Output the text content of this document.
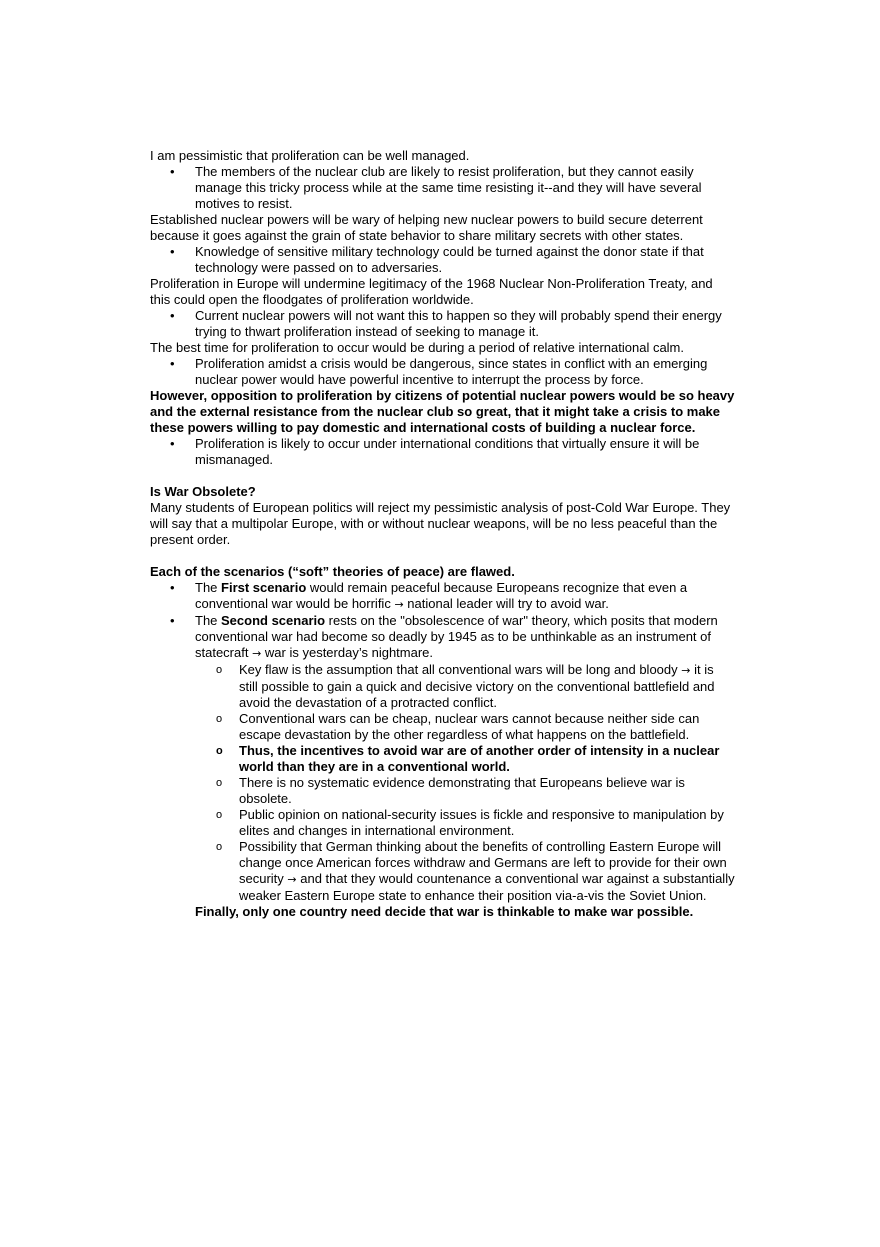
I am pessimistic that proliferation can be well managed.

• The members of the nuclear club are likely to resist proliferation, but they cannot easily manage this tricky process while at the same time resisting it--and they will have several motives to resist.

Established nuclear powers will be wary of helping new nuclear powers to build secure deterrent because it goes against the grain of state behavior to share military secrets with other states.

• Knowledge of sensitive military technology could be turned against the donor state if that technology were passed on to adversaries.

Proliferation in Europe will undermine legitimacy of the 1968 Nuclear Non-Proliferation Treaty, and this could open the floodgates of proliferation worldwide.

• Current nuclear powers will not want this to happen so they will probably spend their energy trying to thwart proliferation instead of seeking to manage it.

The best time for proliferation to occur would be during a period of relative international calm.

• Proliferation amidst a crisis would be dangerous, since states in conflict with an emerging nuclear power would have powerful incentive to interrupt the process by force.

However, opposition to proliferation by citizens of potential nuclear powers would be so heavy and the external resistance from the nuclear club so great, that it might take a crisis to make these powers willing to pay domestic and international costs of building a nuclear force.

• Proliferation is likely to occur under international conditions that virtually ensure it will be mismanaged.

Is War Obsolete?

Many students of European politics will reject my pessimistic analysis of post-Cold War Europe. They will say that a multipolar Europe, with or without nuclear weapons, will be no less peaceful than the present order.

Each of the scenarios (“soft” theories of peace) are flawed.

• The First scenario would remain peaceful because Europeans recognize that even a conventional war would be horrific → national leader will try to avoid war.
• The Second scenario rests on the "obsolescence of war" theory, which posits that modern conventional war had become so deadly by 1945 as to be unthinkable as an instrument of statecraft → war is yesterday’s nightmare.
o Key flaw is the assumption that all conventional wars will be long and bloody → it is still possible to gain a quick and decisive victory on the conventional battlefield and avoid the devastation of a protracted conflict.
o Conventional wars can be cheap, nuclear wars cannot because neither side can escape devastation by the other regardless of what happens on the battlefield.
o Thus, the incentives to avoid war are of another order of intensity in a nuclear world than they are in a conventional world.
o There is no systematic evidence demonstrating that Europeans believe war is obsolete.
o Public opinion on national-security issues is fickle and responsive to manipulation by elites and changes in international environment.
o Possibility that German thinking about the benefits of controlling Eastern Europe will change once American forces withdraw and Germans are left to provide for their own security → and that they would countenance a conventional war against a substantially weaker Eastern Europe state to enhance their position via-a-vis the Soviet Union.

Finally, only one country need decide that war is thinkable to make war possible.
